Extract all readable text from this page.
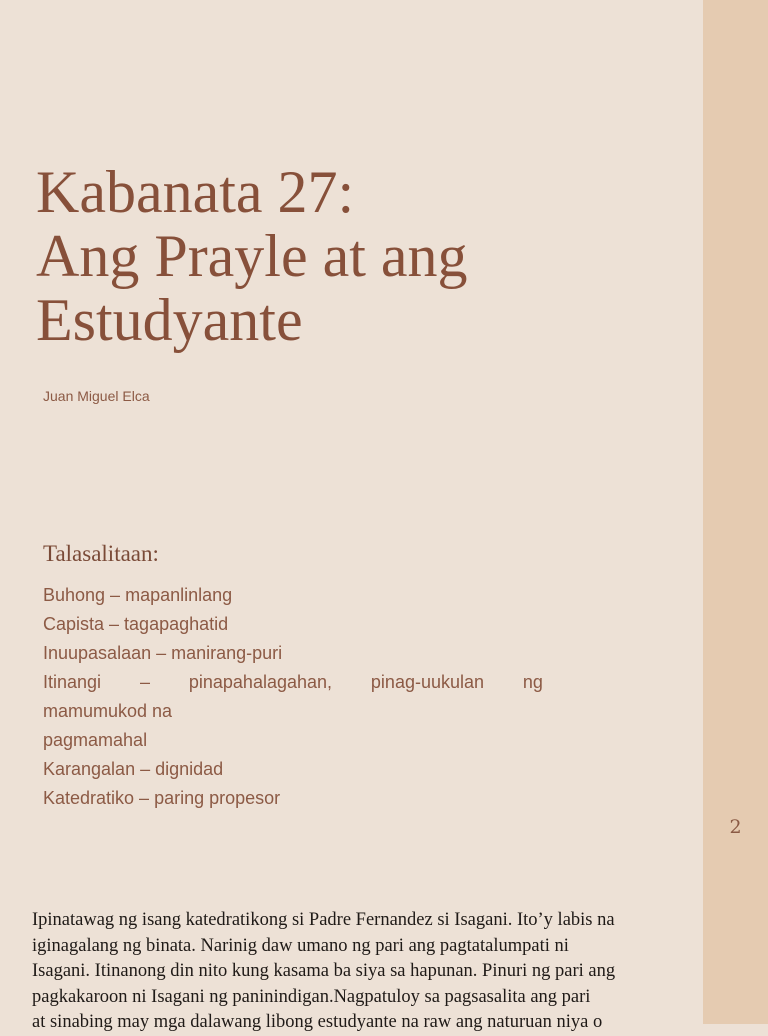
Kabanata 27:
Ang Prayle at ang
Estudyante
Juan Miguel Elca
Talasalitaan:
Buhong – mapanlinlang
Capista – tagapaghatid
Inuupasalaan – manirang-puri
Itinangi – pinapahalagahan, pinag-uukulan ng
mamumukod na
pagmamahal
Karangalan – dignidad
Katedratiko – paring propesor
Ipinatawag ng isang katedratikong si Padre Fernandez si Isagani. Ito’y labis na
iginagalang ng binata. Narinig daw umano ng pari ang pagtatalumpati ni
Isagani. Itinanong din nito kung kasama ba siya sa hapunan. Pinuri ng pari ang
pagkakaroon ni Isagani ng paninindigan.Nagpatuloy sa pagsasalita ang pari
at sinabing may mga dalawang libong estudyante na raw ang naturuan niya o
2
